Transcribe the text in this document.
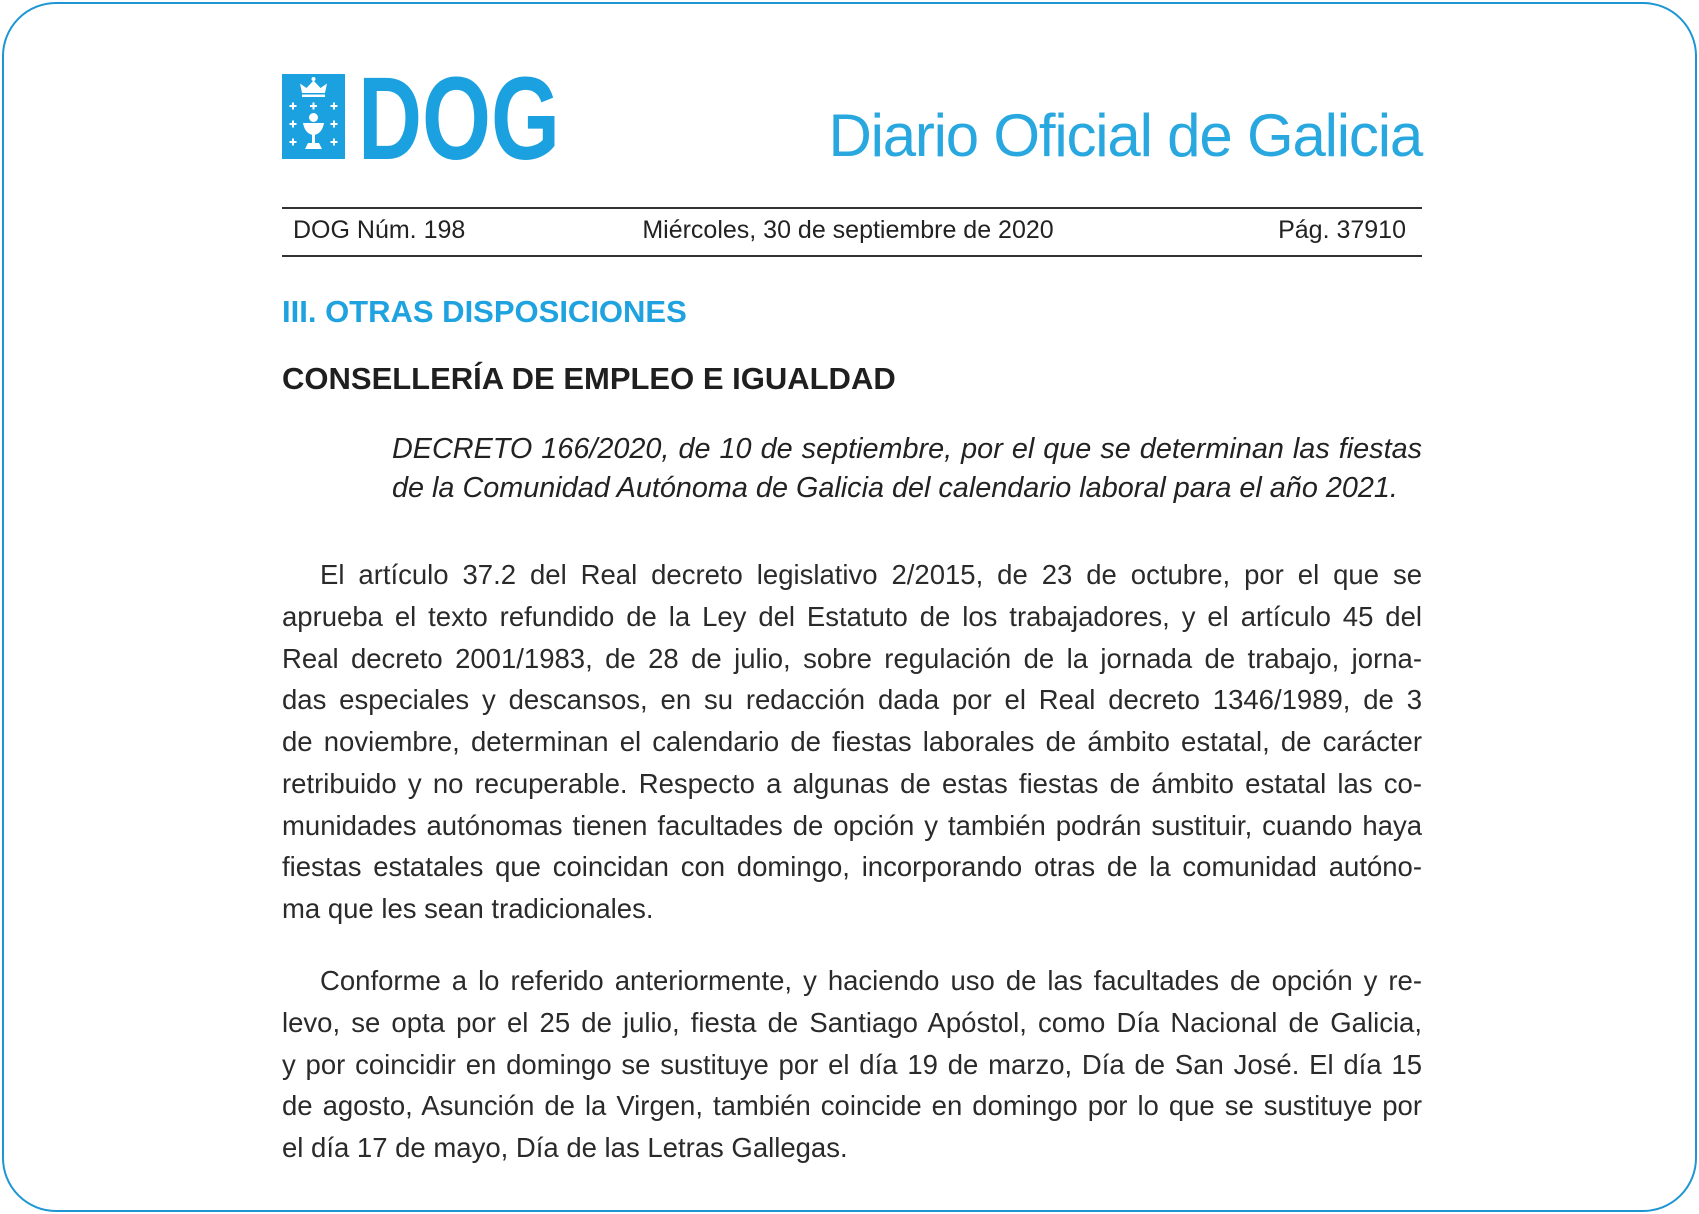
DOG	Diario Oficial de Galicia
DOG Núm. 198	Miércoles, 30 de septiembre de 2020	Pág. 37910
III. OTRAS DISPOSICIONES
CONSELLERÍA DE EMPLEO E IGUALDAD
DECRETO 166/2020, de 10 de septiembre, por el que se determinan las fiestas
de la Comunidad Autónoma de Galicia del calendario laboral para el año 2021.
El artículo 37.2 del Real decreto legislativo 2/2015, de 23 de octubre, por el que se
aprueba el texto refundido de la Ley del Estatuto de los trabajadores, y el artículo 45 del
Real decreto 2001/1983, de 28 de julio, sobre regulación de la jornada de trabajo, jorna-
das especiales y descansos, en su redacción dada por el Real decreto 1346/1989, de 3
de noviembre, determinan el calendario de fiestas laborales de ámbito estatal, de carácter
retribuido y no recuperable. Respecto a algunas de estas fiestas de ámbito estatal las co-
munidades autónomas tienen facultades de opción y también podrán sustituir, cuando haya
fiestas estatales que coincidan con domingo, incorporando otras de la comunidad autóno-
ma que les sean tradicionales.
Conforme a lo referido anteriormente, y haciendo uso de las facultades de opción y re-
levo, se opta por el 25 de julio, fiesta de Santiago Apóstol, como Día Nacional de Galicia,
y por coincidir en domingo se sustituye por el día 19 de marzo, Día de San José. El día 15
de agosto, Asunción de la Virgen, también coincide en domingo por lo que se sustituye por
el día 17 de mayo, Día de las Letras Gallegas.
